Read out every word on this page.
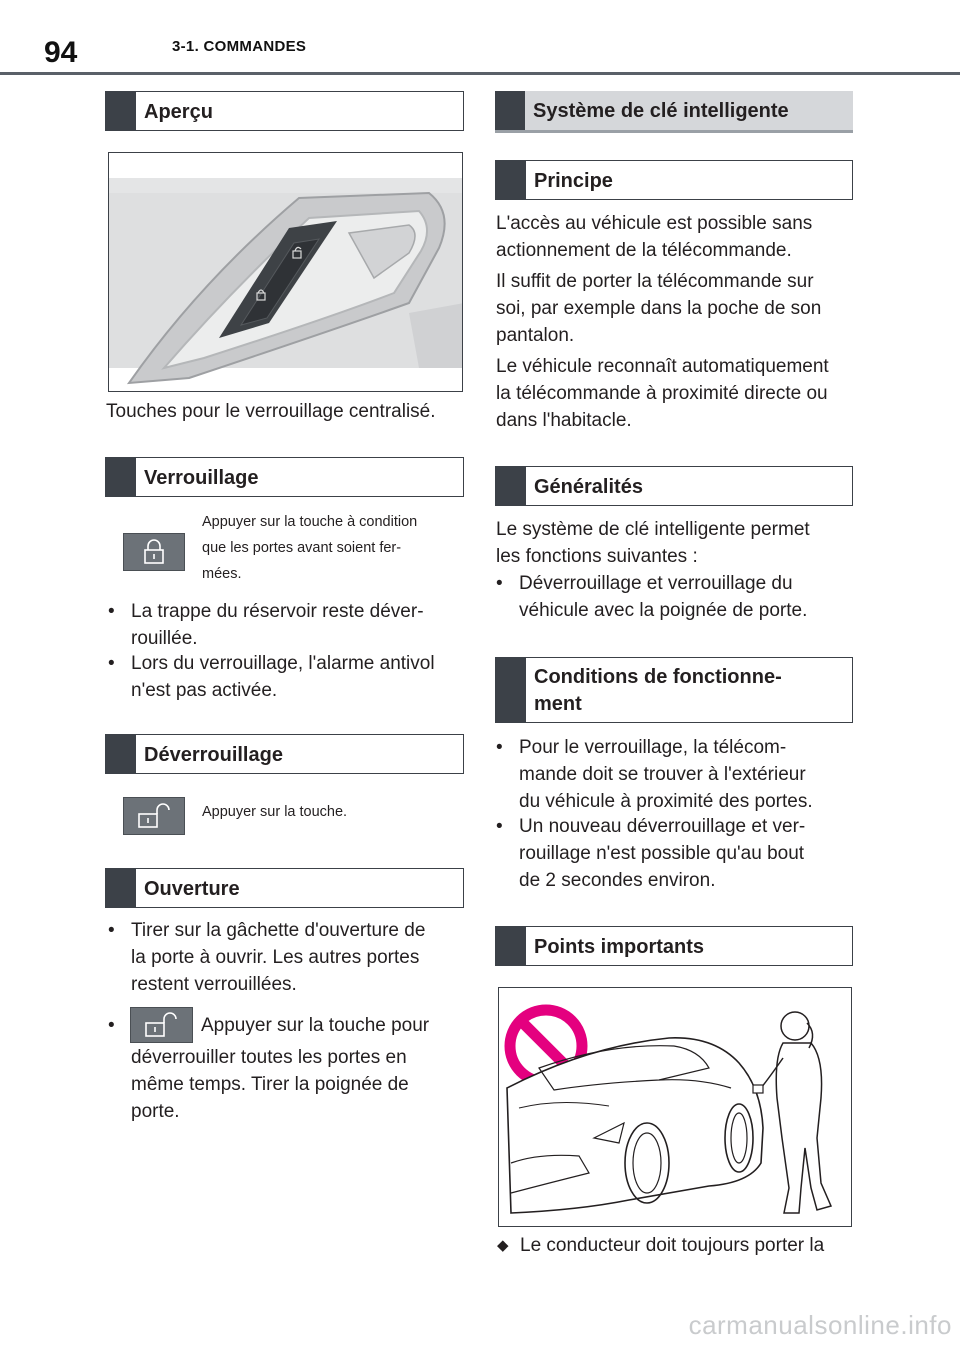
94	3-1. COMMANDES
Aperçu
Touches pour le verrouillage centralisé.
Verrouillage
Appuyer sur la touche à condition
que les portes avant soient fer-
mées.
• La trappe du réservoir reste déver-
rouillée.
• Lors du verrouillage, l'alarme antivol
n'est pas activée.
Déverrouillage
Appuyer sur la touche.
Ouverture
• Tirer sur la gâchette d'ouverture de
la porte à ouvrir. Les autres portes
restent verrouillées.
•	Appuyer sur la touche pour
déverrouiller toutes les portes en
même temps. Tirer la poignée de
porte.
Système de clé intelligente
Principe
L'accès au véhicule est possible sans
actionnement de la télécommande.
Il suffit de porter la télécommande sur
soi, par exemple dans la poche de son
pantalon.
Le véhicule reconnaît automatiquement
la télécommande à proximité directe ou
dans l'habitacle.
Généralités
Le système de clé intelligente permet
les fonctions suivantes :
• Déverrouillage et verrouillage du
véhicule avec la poignée de porte.
Conditions de fonctionne-
ment
• Pour le verrouillage, la télécom-
mande doit se trouver à l'extérieur
du véhicule à proximité des portes.
• Un nouveau déverrouillage et ver-
rouillage n'est possible qu'au bout
de 2 secondes environ.
Points importants
◆ Le conducteur doit toujours porter la
carmanualsonline.info
